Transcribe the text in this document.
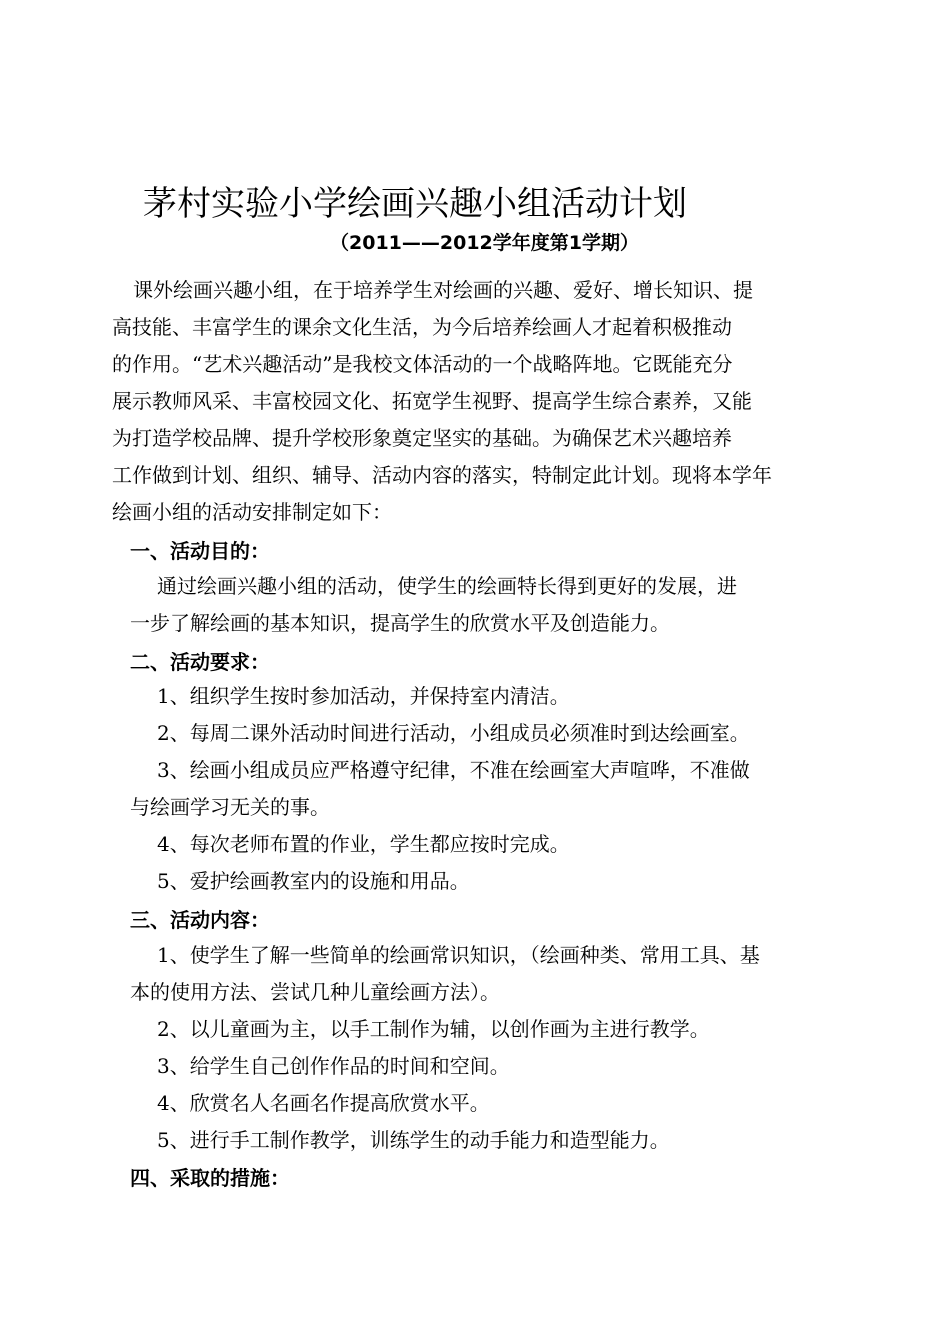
茅村实验小学绘画兴趣小组活动计划
（2011——2012学年度第1学期）
课外绘画兴趣小组，在于培养学生对绘画的兴趣、爱好、增长知识、提
高技能、丰富学生的课余文化生活，为今后培养绘画人才起着积极推动
的作用。“艺术兴趣活动”是我校文体活动的一个战略阵地。它既能充分
展示教师风采、丰富校园文化、拓宽学生视野、提高学生综合素养，又能
为打造学校品牌、提升学校形象奠定坚实的基础。为确保艺术兴趣培养
工作做到计划、组织、辅导、活动内容的落实，特制定此计划。现将本学年
绘画小组的活动安排制定如下：
一、活动目的：
通过绘画兴趣小组的活动，使学生的绘画特长得到更好的发展，进
一步了解绘画的基本知识，提高学生的欣赏水平及创造能力。
二、活动要求：
1、组织学生按时参加活动，并保持室内清洁。
2、每周二课外活动时间进行活动，小组成员必须准时到达绘画室。
3、绘画小组成员应严格遵守纪律，不准在绘画室大声喧哗，不准做
与绘画学习无关的事。
4、每次老师布置的作业，学生都应按时完成。
5、爱护绘画教室内的设施和用品。
三、活动内容：
1、使学生了解一些简单的绘画常识知识，（绘画种类、常用工具、基
本的使用方法、尝试几种儿童绘画方法）。
2、以儿童画为主，以手工制作为辅，以创作画为主进行教学。
3、给学生自己创作作品的时间和空间。
4、欣赏名人名画名作提高欣赏水平。
5、进行手工制作教学，训练学生的动手能力和造型能力。
四、采取的措施：
